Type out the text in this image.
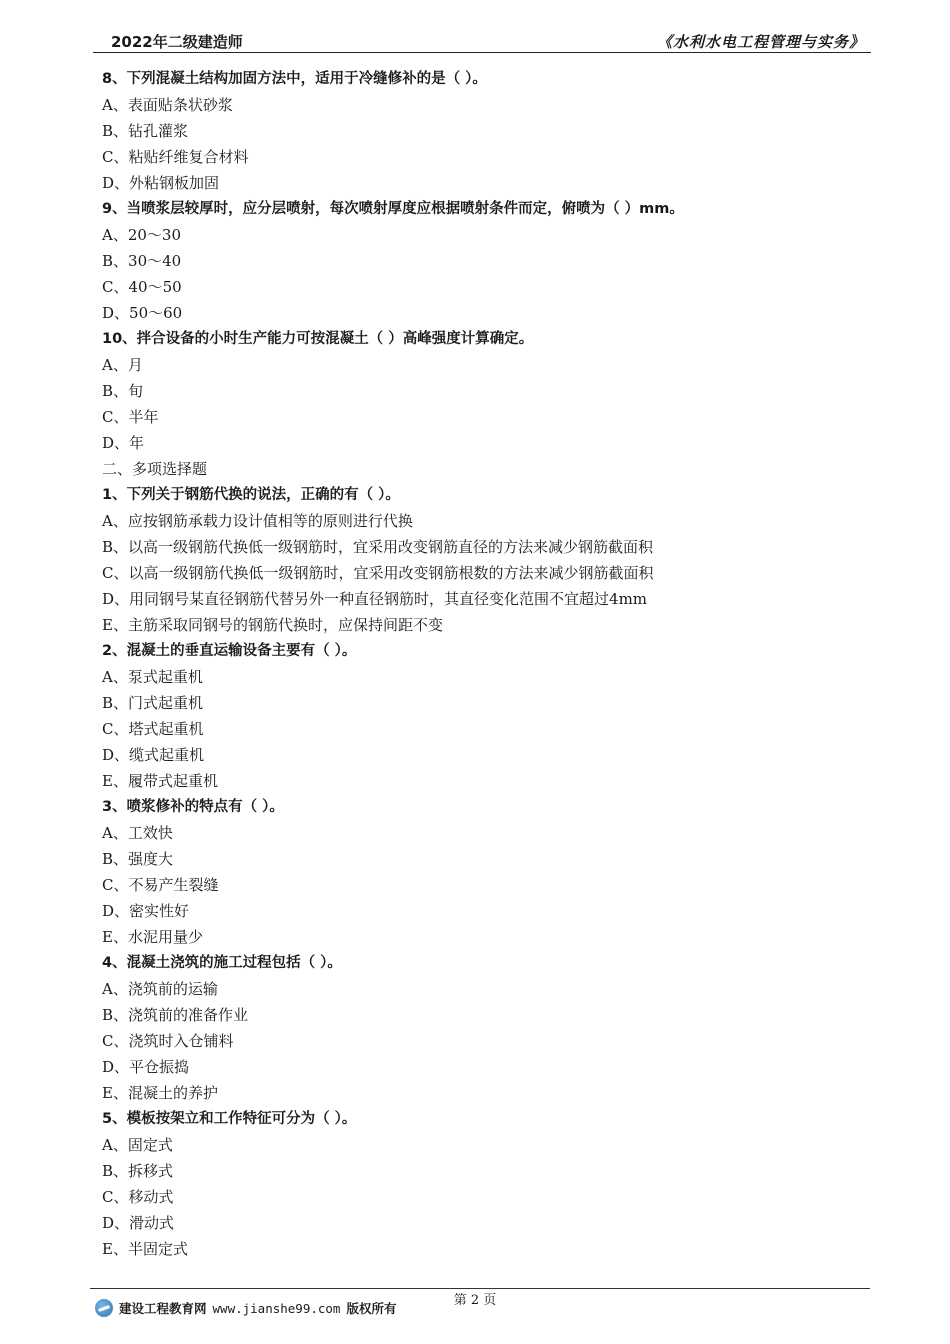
2022年二级建造师	《水利水电工程管理与实务》
8、下列混凝土结构加固方法中，适用于冷缝修补的是（ ）。
A、表面贴条状砂浆
B、钻孔灌浆
C、粘贴纤维复合材料
D、外粘钢板加固
9、当喷浆层较厚时，应分层喷射，每次喷射厚度应根据喷射条件而定，俯喷为（ ）mm。
A、20～30
B、30～40
C、40～50
D、50～60
10、拌合设备的小时生产能力可按混凝土（ ）高峰强度计算确定。
A、月
B、旬
C、半年
D、年
二、多项选择题
1、下列关于钢筋代换的说法，正确的有（ ）。
A、应按钢筋承载力设计值相等的原则进行代换
B、以高一级钢筋代换低一级钢筋时，宜采用改变钢筋直径的方法来减少钢筋截面积
C、以高一级钢筋代换低一级钢筋时，宜采用改变钢筋根数的方法来减少钢筋截面积
D、用同钢号某直径钢筋代替另外一种直径钢筋时，其直径变化范围不宜超过4mm
E、主筋采取同钢号的钢筋代换时，应保持间距不变
2、混凝土的垂直运输设备主要有（ ）。
A、泵式起重机
B、门式起重机
C、塔式起重机
D、缆式起重机
E、履带式起重机
3、喷浆修补的特点有（ ）。
A、工效快
B、强度大
C、不易产生裂缝
D、密实性好
E、水泥用量少
4、混凝土浇筑的施工过程包括（ ）。
A、浇筑前的运输
B、浇筑前的准备作业
C、浇筑时入仓铺料
D、平仓振捣
E、混凝土的养护
5、模板按架立和工作特征可分为（ ）。
A、固定式
B、拆移式
C、移动式
D、滑动式
E、半固定式
第 2 页
建设工程教育网 www.jianshe99.com 版权所有
